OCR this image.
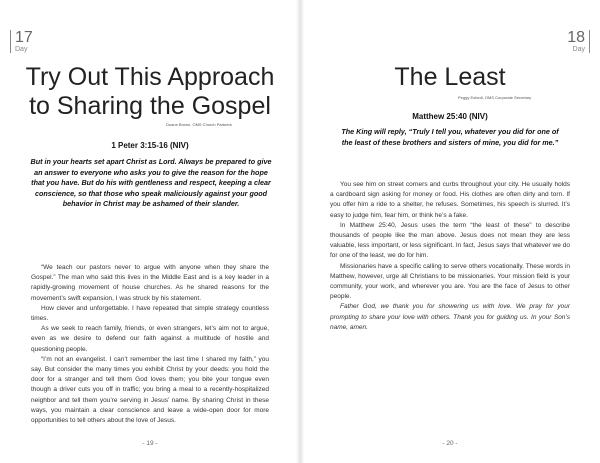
17
Day
Try Out This Approach
to Sharing the Gospel
Duane Brown, OMS Church Partners
1 Peter 3:15-16 (NIV)
But in your hearts set apart Christ as Lord. Always be prepared to give an answer to everyone who asks you to give the reason for the hope that you have. But do his with gentleness and respect, keeping a clear conscience, so that those who speak maliciously against your good behavior in Christ may be ashamed of their slander.

“We teach our pastors never to argue with anyone when they share the Gospel.” The man who said this lives in the Middle East and is a key leader in a rapidly-growing movement of house churches. As he shared reasons for the movement’s swift expansion, I was struck by his statement.

How clever and unforgettable. I have repeated that simple strategy countless times.

As we seek to reach family, friends, or even strangers, let’s aim not to argue, even as we desire to defend our faith against a multitude of hostile and questioning people.

“I’m not an evangelist. I can’t remember the last time I shared my faith,” you say. But consider the many times you exhibit Christ by your deeds: you hold the door for a stranger and tell them God loves them; you bite your tongue even though a driver cuts you off in traffic; you bring a meal to a recently-hospitalized neighbor and tell them you’re serving in Jesus’ name. By sharing Christ in these ways, you maintain a clear conscience and leave a wide-open door for more opportunities to tell others about the love of Jesus.

- 19 -
18
Day
The Least
Peggy Eshedi, OMS Corporate Secretary
Matthew 25:40 (NIV)
The King will reply, “Truly I tell you, whatever you did for one of the least of these brothers and sisters of mine, you did for me.”

You see him on street corners and curbs throughout your city. He usually holds a cardboard sign asking for money or food. His clothes are often dirty and torn. If you offer him a ride to a shelter, he refuses. Sometimes, his speech is slurred. It’s easy to judge him, fear him, or think he’s a fake.

In Matthew 25:40, Jesus uses the term “the least of these” to describe thousands of people like the man above. Jesus does not mean they are less valuable, less important, or less significant. In fact, Jesus says that whatever we do for one of the least, we do for him.

Missionaries have a specific calling to serve others vocationally. These words in Matthew, however, urge all Christians to be missionaries. Your mission field is your community, your work, and wherever you are. You are the face of Jesus to other people.

Father God, we thank you for showering us with love. We pray for your prompting to share your love with others. Thank you for guiding us. In your Son’s name, amen.

- 20 -
